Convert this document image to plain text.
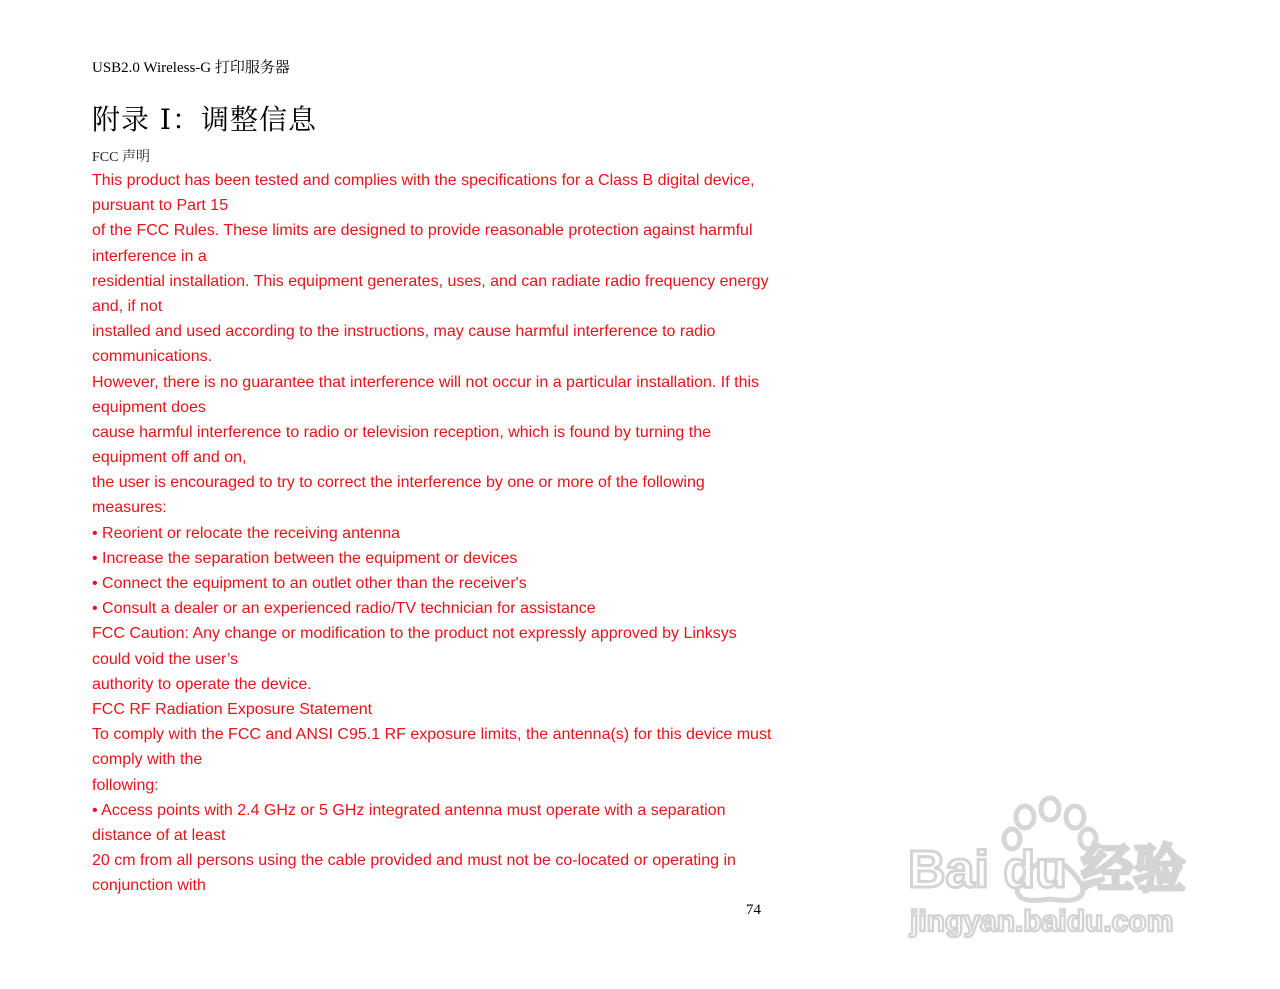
USB2.0 Wireless-G 打印服务器
附录 I：调整信息
FCC 声明
This product has been tested and complies with the specifications for a Class B digital device,
pursuant to Part 15
of the FCC Rules. These limits are designed to provide reasonable protection against harmful
interference in a
residential installation. This equipment generates, uses, and can radiate radio frequency energy
and, if not
installed and used according to the instructions, may cause harmful interference to radio
communications.
However, there is no guarantee that interference will not occur in a particular installation. If this
equipment does
cause harmful interference to radio or television reception, which is found by turning the
equipment off and on,
the user is encouraged to try to correct the interference by one or more of the following
measures:
• Reorient or relocate the receiving antenna
• Increase the separation between the equipment or devices
• Connect the equipment to an outlet other than the receiver's
• Consult a dealer or an experienced radio/TV technician for assistance
FCC Caution: Any change or modification to the product not expressly approved by Linksys
could void the user’s
authority to operate the device.
FCC RF Radiation Exposure Statement
To comply with the FCC and ANSI C95.1 RF exposure limits, the antenna(s) for this device must
comply with the
following:
• Access points with 2.4 GHz or 5 GHz integrated antenna must operate with a separation
distance of at least
20 cm from all persons using the cable provided and must not be co-located or operating in
conjunction with
74
Bai du 经验
jingyan.baidu.com
